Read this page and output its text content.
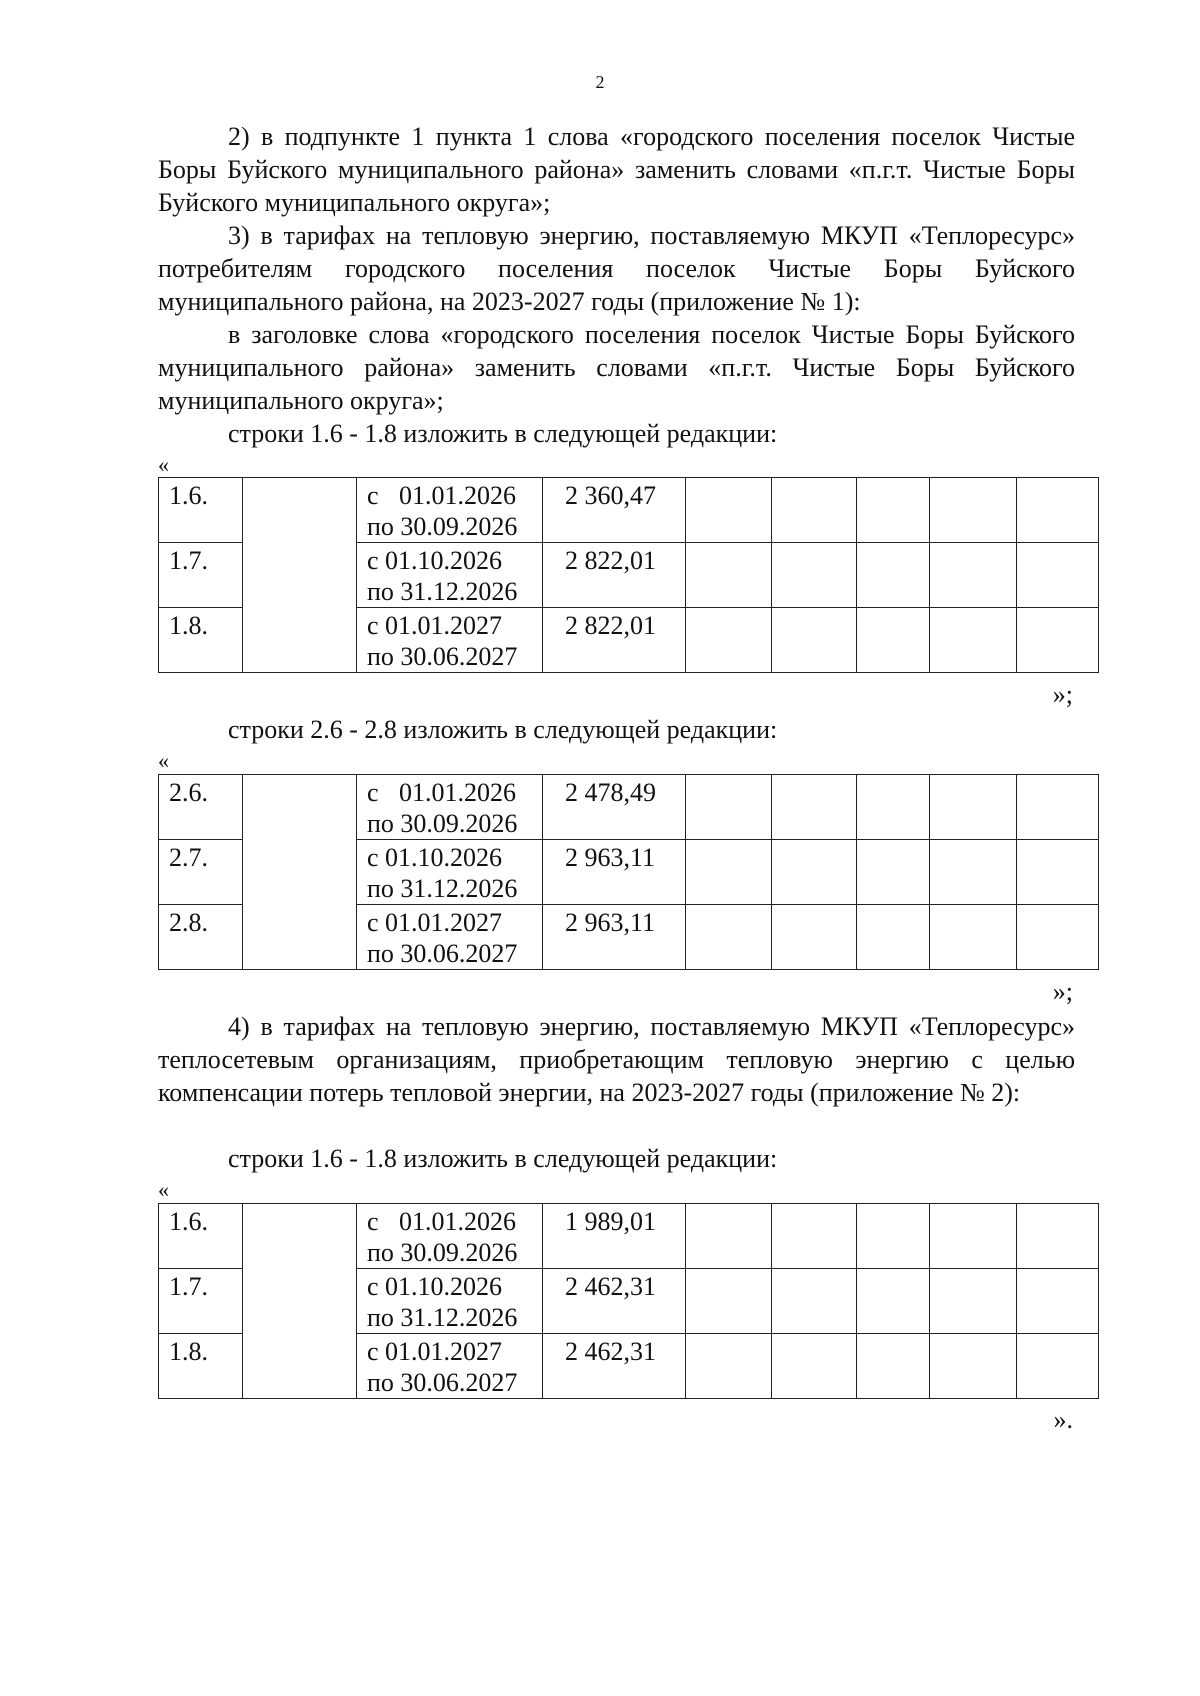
2

2) в подпункте 1 пункта 1 слова «городского поселения поселок Чистые Боры Буйского муниципального района» заменить словами «п.г.т. Чистые Боры Буйского муниципального округа»;

3) в тарифах на тепловую энергию, поставляемую МКУП «Теплоресурс» потребителям городского поселения поселок Чистые Боры Буйского муниципального района, на 2023-2027 годы (приложение № 1):

в заголовке слова «городского поселения поселок Чистые Боры Буйского муниципального района» заменить словами «п.г.т. Чистые Боры Буйского муниципального округа»;

строки 1.6 - 1.8 изложить в следующей редакции:
«
1.6.		с 01.01.2026
по 30.09.2026	2 360,47					
1.7.		с 01.10.2026
по 31.12.2026	2 822,01					
1.8.		с 01.01.2027
по 30.06.2027	2 822,01					
»;
строки 2.6 - 2.8 изложить в следующей редакции:
«
2.6.		с 01.01.2026
по 30.09.2026	2 478,49					
2.7.		с 01.10.2026
по 31.12.2026	2 963,11					
2.8.		с 01.01.2027
по 30.06.2027	2 963,11					
»;

4) в тарифах на тепловую энергию, поставляемую МКУП «Теплоресурс» теплосетевым организациям, приобретающим тепловую энергию с целью компенсации потерь тепловой энергии, на 2023-2027 годы (приложение № 2):

строки 1.6 - 1.8 изложить в следующей редакции:
«
1.6.		с 01.01.2026
по 30.09.2026	1 989,01					
1.7.		с 01.10.2026
по 31.12.2026	2 462,31					
1.8.		с 01.01.2027
по 30.06.2027	2 462,31					
».
